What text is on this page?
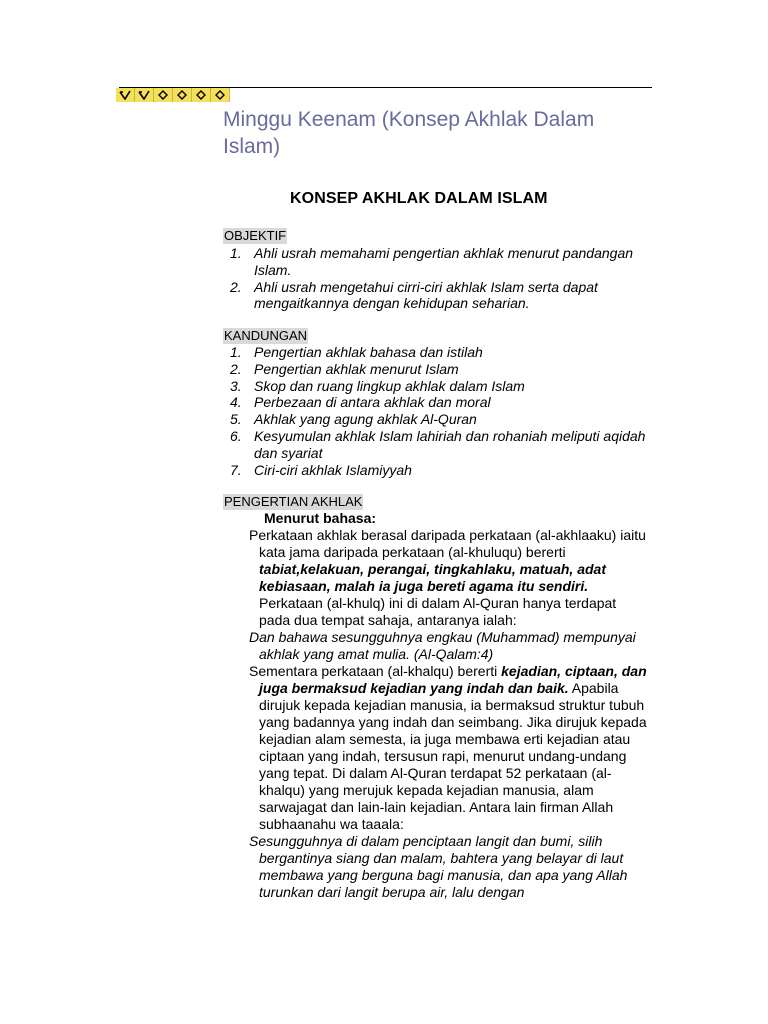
Minggu Keenam (Konsep Akhlak Dalam Islam)
KONSEP AKHLAK DALAM ISLAM
OBJEKTIF
1. Ahli usrah memahami pengertian akhlak menurut pandangan Islam.
2. Ahli usrah mengetahui cirri-ciri akhlak Islam serta dapat mengaitkannya dengan kehidupan seharian.
KANDUNGAN
1. Pengertian akhlak bahasa dan istilah
2. Pengertian akhlak menurut Islam
3. Skop dan ruang lingkup akhlak dalam Islam
4. Perbezaan di antara akhlak dan moral
5. Akhlak yang agung akhlak Al-Quran
6. Kesyumulan akhlak Islam lahiriah dan rohaniah meliputi aqidah dan syariat
7. Ciri-ciri akhlak Islamiyyah
PENGERTIAN AKHLAK
Menurut bahasa:

Perkataan akhlak berasal daripada perkataan (al-akhlaaku) iaitu kata jama daripada perkataan (al-khuluqu) bererti tabiat,kelakuan, perangai, tingkahlaku, matuah, adat kebiasaan, malah ia juga bereti agama itu sendiri. Perkataan (al-khulq) ini di dalam Al-Quran hanya terdapat pada dua tempat sahaja, antaranya ialah:

Dan bahawa sesungguhnya engkau (Muhammad) mempunyai akhlak yang amat mulia. (Al-Qalam:4)

Sementara perkataan (al-khalqu) bererti kejadian, ciptaan, dan juga bermaksud kejadian yang indah dan baik. Apabila dirujuk kepada kejadian manusia, ia bermaksud struktur tubuh yang badannya yang indah dan seimbang. Jika dirujuk kepada kejadian alam semesta, ia juga membawa erti kejadian atau ciptaan yang indah, tersusun rapi, menurut undang-undang yang tepat. Di dalam Al-Quran terdapat 52 perkataan (al-khalqu) yang merujuk kepada kejadian manusia, alam sarwajagat dan lain-lain kejadian. Antara lain firman Allah subhaanahu wa taaala:

Sesungguhnya di dalam penciptaan langit dan bumi, silih bergantinya siang dan malam, bahtera yang belayar di laut membawa yang berguna bagi manusia, dan apa yang Allah turunkan dari langit berupa air, lalu dengan
